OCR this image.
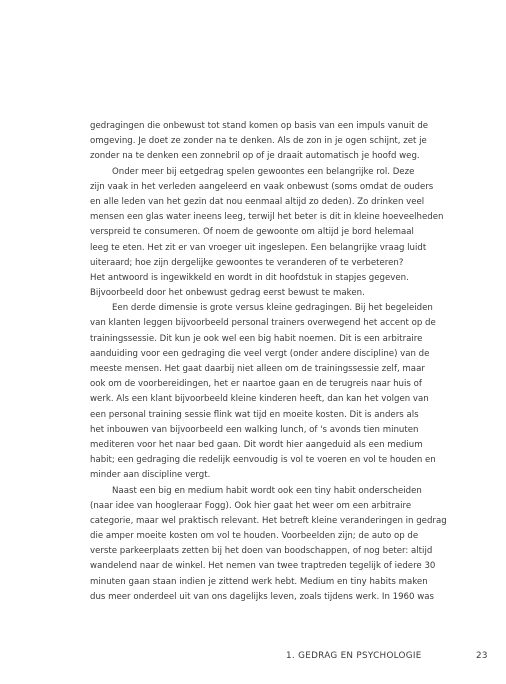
gedragingen die onbewust tot stand komen op basis van een impuls vanuit de
omgeving. Je doet ze zonder na te denken. Als de zon in je ogen schijnt, zet je
zonder na te denken een zonnebril op of je draait automatisch je hoofd weg.
Onder meer bij eetgedrag spelen gewoontes een belangrijke rol. Deze
zijn vaak in het verleden aangeleerd en vaak onbewust (soms omdat de ouders
en alle leden van het gezin dat nou eenmaal altijd zo deden). Zo drinken veel
mensen een glas water ineens leeg, terwijl het beter is dit in kleine hoeveelheden
verspreid te consumeren. Of noem de gewoonte om altijd je bord helemaal
leeg te eten. Het zit er van vroeger uit ingeslepen. Een belangrijke vraag luidt
uiteraard; hoe zijn dergelijke gewoontes te veranderen of te verbeteren?
Het antwoord is ingewikkeld en wordt in dit hoofdstuk in stapjes gegeven.
Bijvoorbeeld door het onbewust gedrag eerst bewust te maken.
Een derde dimensie is grote versus kleine gedragingen. Bij het begeleiden
van klanten leggen bijvoorbeeld personal trainers overwegend het accent op de
trainingssessie. Dit kun je ook wel een big habit noemen. Dit is een arbitraire
aanduiding voor een gedraging die veel vergt (onder andere discipline) van de
meeste mensen. Het gaat daarbij niet alleen om de trainingssessie zelf, maar
ook om de voorbereidingen, het er naartoe gaan en de terugreis naar huis of
werk. Als een klant bijvoorbeeld kleine kinderen heeft, dan kan het volgen van
een personal training sessie flink wat tijd en moeite kosten. Dit is anders als
het inbouwen van bijvoorbeeld een walking lunch, of 's avonds tien minuten
mediteren voor het naar bed gaan. Dit wordt hier aangeduid als een medium
habit; een gedraging die redelijk eenvoudig is vol te voeren en vol te houden en
minder aan discipline vergt.
Naast een big en medium habit wordt ook een tiny habit onderscheiden
(naar idee van hoogleraar Fogg). Ook hier gaat het weer om een arbitraire
categorie, maar wel praktisch relevant. Het betreft kleine veranderingen in gedrag
die amper moeite kosten om vol te houden. Voorbeelden zijn; de auto op de
verste parkeerplaats zetten bij het doen van boodschappen, of nog beter: altijd
wandelend naar de winkel. Het nemen van twee traptreden tegelijk of iedere 30
minuten gaan staan indien je zittend werk hebt. Medium en tiny habits maken
dus meer onderdeel uit van ons dagelijks leven, zoals tijdens werk. In 1960 was
1. GEDRAG EN PSYCHOLOGIE	23
